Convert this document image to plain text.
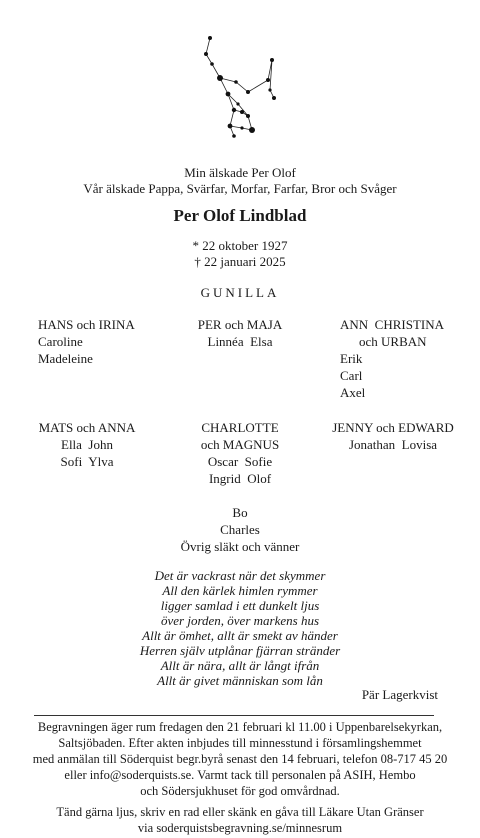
Min älskade Per Olof
Vår älskade Pappa, Svärfar, Morfar, Farfar, Bror och Svåger
Per Olof Lindblad
* 22 oktober 1927
† 22 januari 2025
GUNILLA
HANS och IRINA
Caroline
Madeleine
PER och MAJA
Linnéa  Elsa
ANN  CHRISTINA
och URBAN
Erik
Carl
Axel
MATS och ANNA
Ella  John
Sofi  Ylva
CHARLOTTE
och MAGNUS
Oscar  Sofie
Ingrid  Olof
JENNY och EDWARD
Jonathan  Lovisa
Bo
Charles
Övrig släkt och vänner
Det är vackrast när det skymmer
All den kärlek himlen rymmer
ligger samlad i ett dunkelt ljus
över jorden, över markens hus
Allt är ömhet, allt är smekt av händer
Herren själv utplånar fjärran stränder
Allt är nära, allt är långt ifrån
Allt är givet människan som lån
Pär Lagerkvist
Begravningen äger rum fredagen den 21 februari kl 11.00 i Uppenbarelsekyrkan,
Saltsjöbaden. Efter akten inbjudes till minnesstund i församlingshemmet
med anmälan till Söderquist begr.byrå senast den 14 februari, telefon 08-717 45 20
eller info@soderquists.se. Varmt tack till personalen på ASIH, Hembo
och Södersjukhuset för god omvårdnad.
Tänd gärna ljus, skriv en rad eller skänk en gåva till Läkare Utan Gränser
via soderquistsbegravning.se/minnesrum
